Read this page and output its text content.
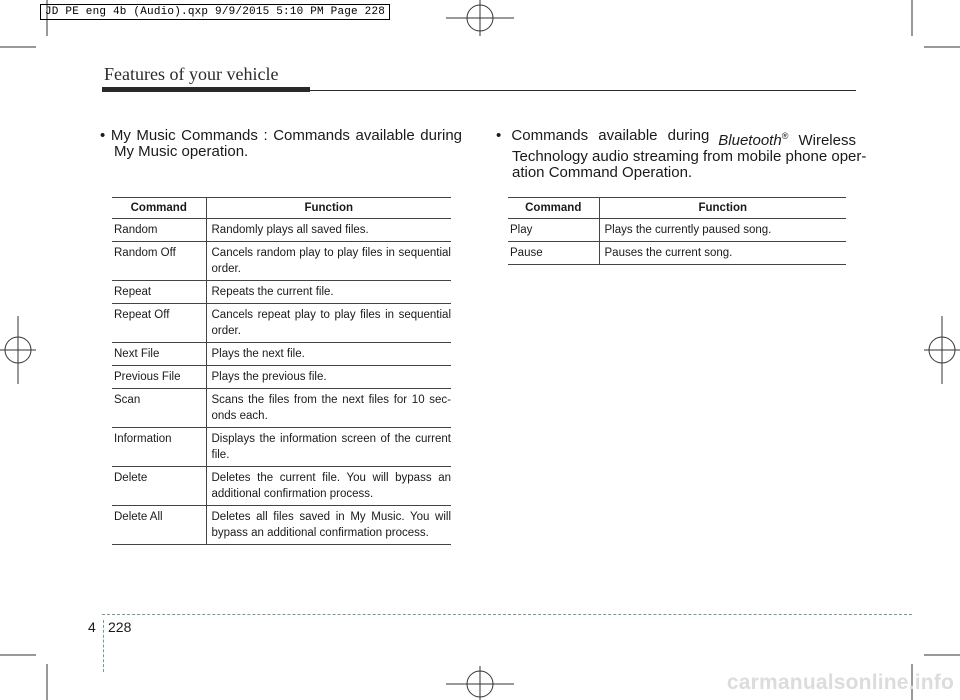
JD PE eng 4b (Audio).qxp 9/9/2015 5:10 PM Page 228
Features of your vehicle
• My Music Commands : Commands available during
My Music operation.
Command	Function
Random	Randomly plays all saved files.
Random Off	Cancels random play to play files in sequential order.
Repeat	Repeats the current file.
Repeat Off	Cancels repeat play to play files in sequential order.
Next File	Plays the next file.
Previous File	Plays the previous file.
Scan	Scans the files from the next files for 10 sec-onds each.
Information	Displays the information screen of the current file.
Delete	Deletes the current file. You will bypass an additional confirmation process.
Delete All	Deletes all files saved in My Music. You will bypass an additional confirmation process.
• Commands available during Bluetooth® Wireless
Technology audio streaming from mobile phone oper-
ation Command Operation.
Command	Function
Play	Plays the currently paused song.
Pause	Pauses the current song.
4 228
carmanualsonline.info
